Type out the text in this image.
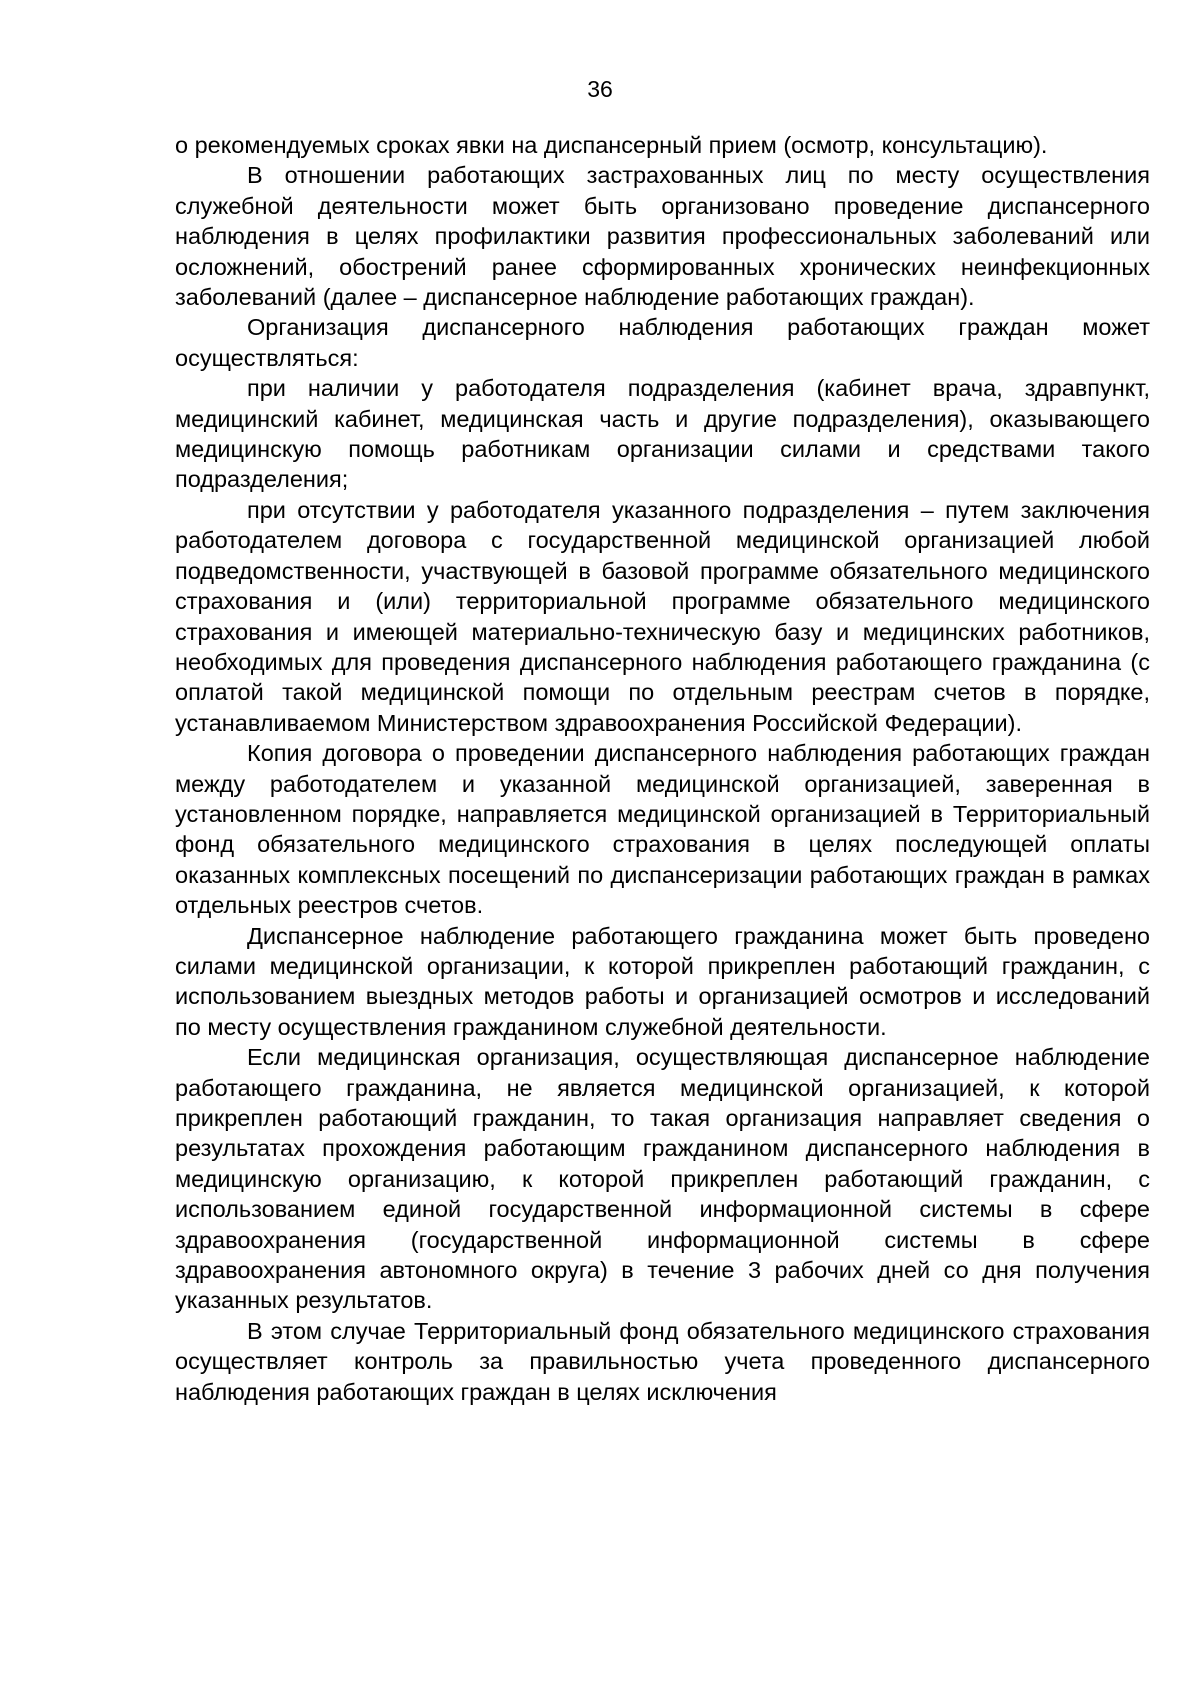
36

о рекомендуемых сроках явки на диспансерный прием (осмотр, консультацию).

В отношении работающих застрахованных лиц по месту осуществления служебной деятельности может быть организовано проведение диспансерного наблюдения в целях профилактики развития профессиональных заболеваний или осложнений, обострений ранее сформированных хронических неинфекционных заболеваний (далее – диспансерное наблюдение работающих граждан).

Организация диспансерного наблюдения работающих граждан может осуществляться:

при наличии у работодателя подразделения (кабинет врача, здравпункт, медицинский кабинет, медицинская часть и другие подразделения), оказывающего медицинскую помощь работникам организации силами и средствами такого подразделения;

при отсутствии у работодателя указанного подразделения – путем заключения работодателем договора с государственной медицинской организацией любой подведомственности, участвующей в базовой программе обязательного медицинского страхования и (или) территориальной программе обязательного медицинского страхования и имеющей материально-техническую базу и медицинских работников, необходимых для проведения диспансерного наблюдения работающего гражданина (с оплатой такой медицинской помощи по отдельным реестрам счетов в порядке, устанавливаемом Министерством здравоохранения Российской Федерации).

Копия договора о проведении диспансерного наблюдения работающих граждан между работодателем и указанной медицинской организацией, заверенная в установленном порядке, направляется медицинской организацией в Территориальный фонд обязательного медицинского страхования в целях последующей оплаты оказанных комплексных посещений по диспансеризации работающих граждан в рамках отдельных реестров счетов.

Диспансерное наблюдение работающего гражданина может быть проведено силами медицинской организации, к которой прикреплен работающий гражданин, с использованием выездных методов работы и организацией осмотров и исследований по месту осуществления гражданином служебной деятельности.

Если медицинская организация, осуществляющая диспансерное наблюдение работающего гражданина, не является медицинской организацией, к которой прикреплен работающий гражданин, то такая организация направляет сведения о результатах прохождения работающим гражданином диспансерного наблюдения в медицинскую организацию, к которой прикреплен работающий гражданин, с использованием единой государственной информационной системы в сфере здравоохранения (государственной информационной системы в сфере здравоохранения автономного округа) в течение 3 рабочих дней со дня получения указанных результатов.

В этом случае Территориальный фонд обязательного медицинского страхования осуществляет контроль за правильностью учета проведенного диспансерного наблюдения работающих граждан в целях исключения
